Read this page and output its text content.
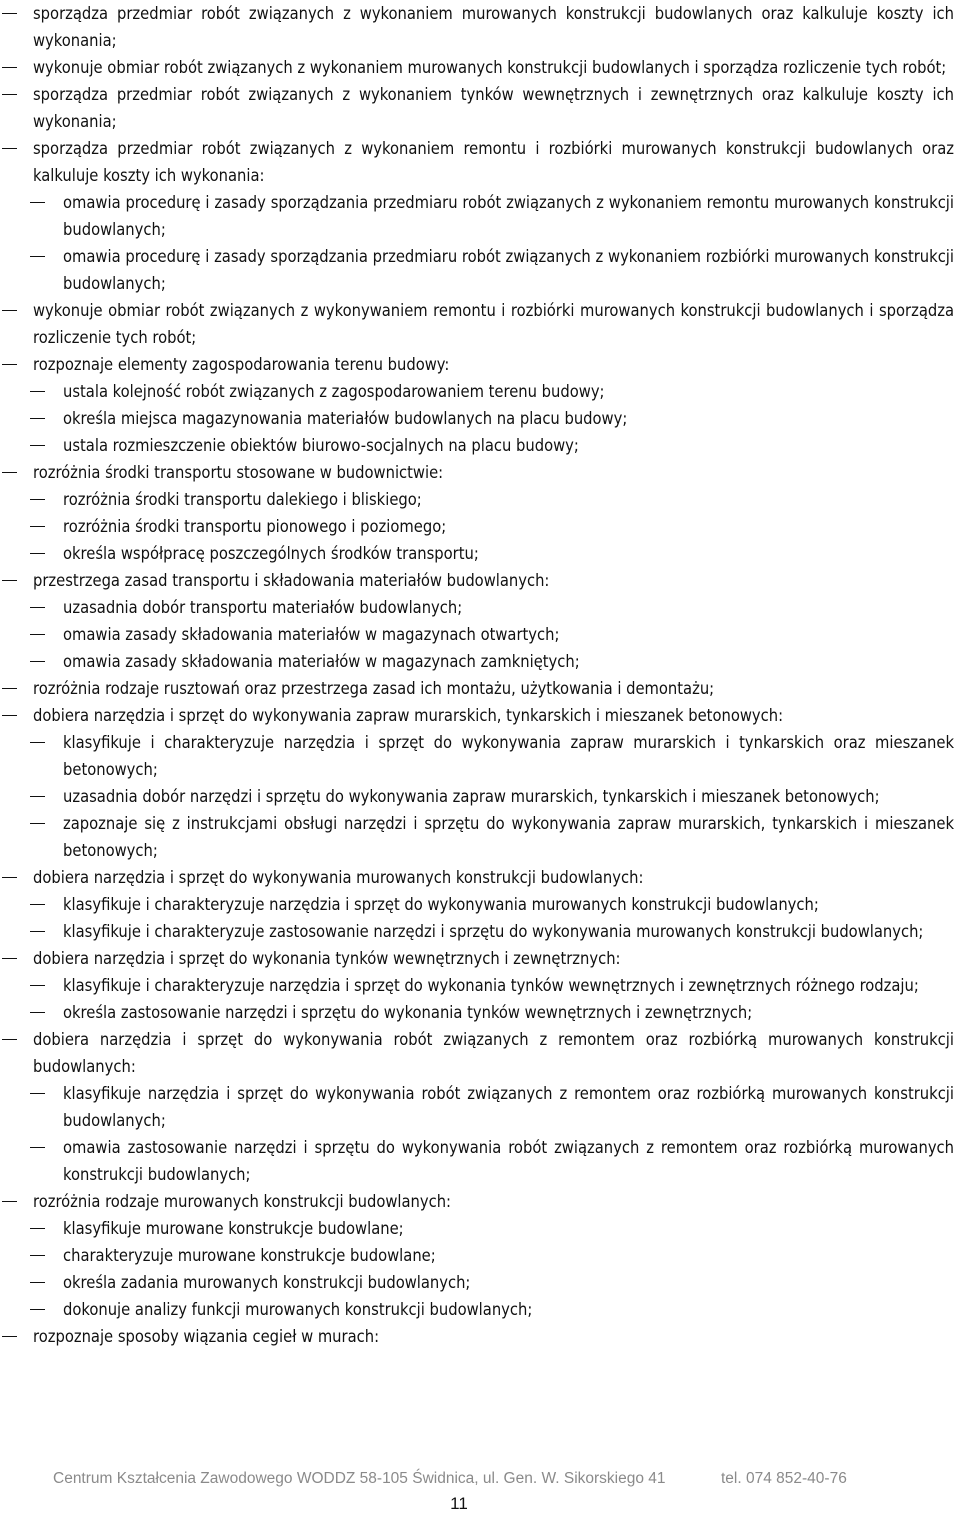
sporządza przedmiar robót związanych z wykonaniem murowanych konstrukcji budowlanych oraz kalkuluje koszty ich wykonania;
wykonuje obmiar robót związanych z wykonaniem murowanych konstrukcji budowlanych i sporządza rozliczenie tych robót;
sporządza przedmiar robót związanych z wykonaniem tynków wewnętrznych i zewnętrznych oraz kalkuluje koszty ich wykonania;
sporządza przedmiar robót związanych z wykonaniem remontu i rozbiórki murowanych konstrukcji budowlanych oraz kalkuluje koszty ich wykonania:
omawia procedurę i zasady sporządzania przedmiaru robót związanych z wykonaniem remontu murowanych konstrukcji budowlanych;
omawia procedurę i zasady sporządzania przedmiaru robót związanych z wykonaniem rozbiórki murowanych konstrukcji budowlanych;
wykonuje obmiar robót związanych z wykonywaniem remontu i rozbiórki murowanych konstrukcji budowlanych i sporządza rozliczenie tych robót;
rozpoznaje elementy zagospodarowania terenu budowy:
ustala kolejność robót związanych z zagospodarowaniem terenu budowy;
określa miejsca magazynowania materiałów budowlanych na placu budowy;
ustala rozmieszczenie obiektów biurowo-socjalnych na placu budowy;
rozróżnia środki transportu stosowane w budownictwie:
rozróżnia środki transportu dalekiego i bliskiego;
rozróżnia środki transportu pionowego i poziomego;
określa współpracę poszczególnych środków transportu;
przestrzega zasad transportu i składowania materiałów budowlanych:
uzasadnia dobór transportu materiałów budowlanych;
omawia zasady składowania materiałów w magazynach otwartych;
omawia zasady składowania materiałów w magazynach zamkniętych;
rozróżnia rodzaje rusztowań oraz przestrzega zasad ich montażu, użytkowania i demontażu;
dobiera narzędzia i sprzęt do wykonywania zapraw murarskich, tynkarskich i mieszanek betonowych:
klasyfikuje i charakteryzuje narzędzia i sprzęt do wykonywania zapraw murarskich i tynkarskich oraz mieszanek betonowych;
uzasadnia dobór narzędzi i sprzętu do wykonywania zapraw murarskich, tynkarskich i mieszanek betonowych;
zapoznaje się z instrukcjami obsługi narzędzi i sprzętu do wykonywania zapraw murarskich, tynkarskich i mieszanek betonowych;
dobiera narzędzia i sprzęt do wykonywania murowanych konstrukcji budowlanych:
klasyfikuje i charakteryzuje narzędzia i sprzęt do wykonywania murowanych konstrukcji budowlanych;
klasyfikuje i charakteryzuje zastosowanie narzędzi i sprzętu do wykonywania murowanych konstrukcji budowlanych;
dobiera narzędzia i sprzęt do wykonania tynków wewnętrznych i zewnętrznych:
klasyfikuje i charakteryzuje narzędzia i sprzęt do wykonania tynków wewnętrznych i zewnętrznych różnego rodzaju;
określa zastosowanie narzędzi i sprzętu do wykonania tynków wewnętrznych i zewnętrznych;
dobiera narzędzia i sprzęt do wykonywania robót związanych z remontem oraz rozbiórką murowanych konstrukcji budowlanych:
klasyfikuje narzędzia i sprzęt do wykonywania robót związanych z remontem oraz rozbiórką murowanych konstrukcji budowlanych;
omawia zastosowanie narzędzi i sprzętu do wykonywania robót związanych z remontem oraz rozbiórką murowanych konstrukcji budowlanych;
rozróżnia rodzaje murowanych konstrukcji budowlanych:
klasyfikuje murowane konstrukcje budowlane;
charakteryzuje murowane konstrukcje budowlane;
określa zadania murowanych konstrukcji budowlanych;
dokonuje analizy funkcji murowanych konstrukcji budowlanych;
rozpoznaje sposoby wiązania cegieł w murach:
Centrum Kształcenia Zawodowego WODDZ 58-105 Świdnica, ul. Gen. W. Sikorskiego 41	tel. 074 852-40-76
11
